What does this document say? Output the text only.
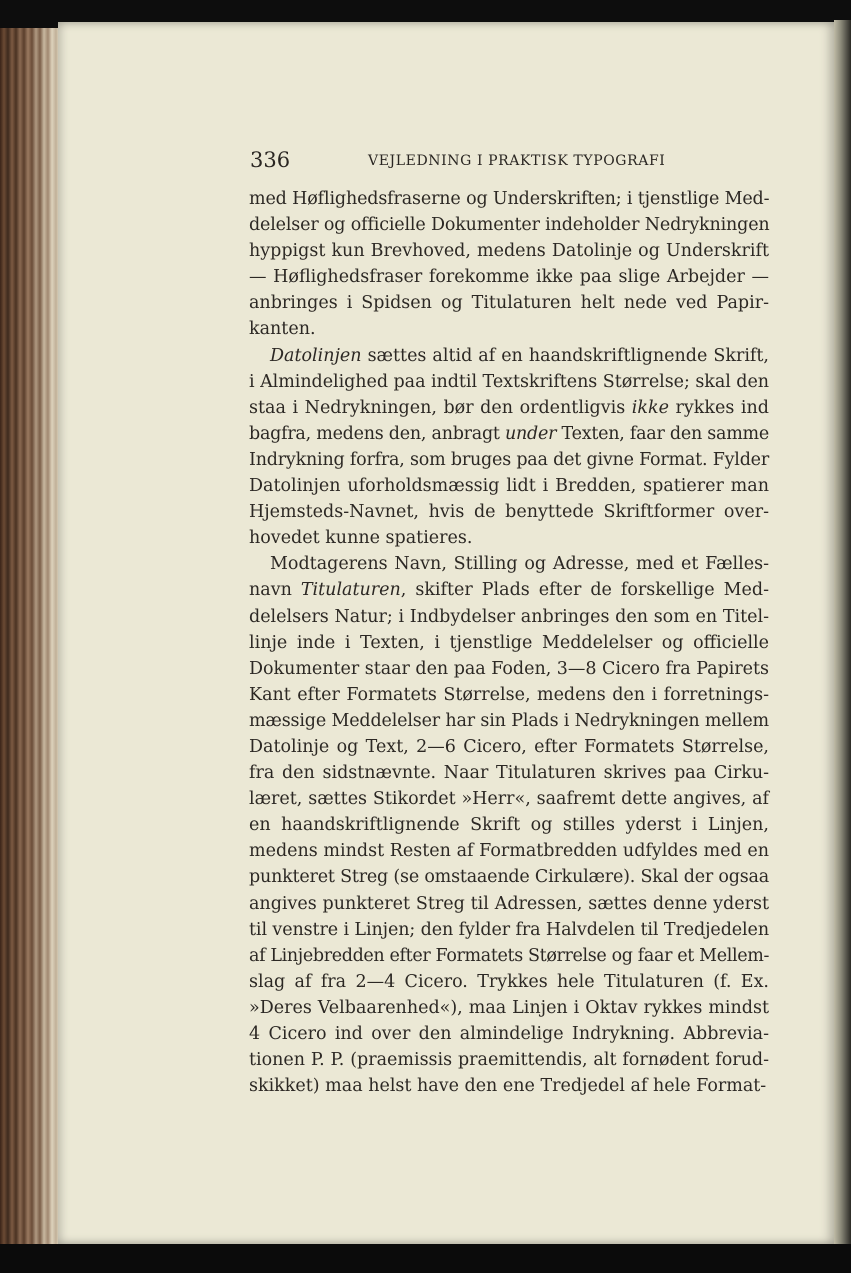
336	VEJLEDNING I PRAKTISK TYPOGRAFI
med Høflighedsfraserne og Underskriften; i tjenstlige Med-
delelser og officielle Dokumenter indeholder Nedrykningen
hyppigst kun Brevhoved, medens Datolinje og Underskrift
— Høflighedsfraser forekomme ikke paa slige Arbejder —
anbringes i Spidsen og Titulaturen helt nede ved Papir-
kanten.
Datolinjen sættes altid af en haandskriftlignende Skrift,
i Almindelighed paa indtil Textskriftens Størrelse; skal den
staa i Nedrykningen, bør den ordentligvis ikke rykkes ind
bagfra, medens den, anbragt under Texten, faar den samme
Indrykning forfra, som bruges paa det givne Format. Fylder
Datolinjen uforholdsmæssig lidt i Bredden, spatierer man
Hjemsteds-Navnet, hvis de benyttede Skriftformer over-
hovedet kunne spatieres.
Modtagerens Navn, Stilling og Adresse, med et Fælles-
navn Titulaturen, skifter Plads efter de forskellige Med-
delelsers Natur; i Indbydelser anbringes den som en Titel-
linje inde i Texten, i tjenstlige Meddelelser og officielle
Dokumenter staar den paa Foden, 3—8 Cicero fra Papirets
Kant efter Formatets Størrelse, medens den i forretnings-
mæssige Meddelelser har sin Plads i Nedrykningen mellem
Datolinje og Text, 2—6 Cicero, efter Formatets Størrelse,
fra den sidstnævnte. Naar Titulaturen skrives paa Cirku-
læret, sættes Stikordet »Herr«, saafremt dette angives, af
en haandskriftlignende Skrift og stilles yderst i Linjen,
medens mindst Resten af Formatbredden udfyldes med en
punkteret Streg (se omstaaende Cirkulære). Skal der ogsaa
angives punkteret Streg til Adressen, sættes denne yderst
til venstre i Linjen; den fylder fra Halvdelen til Tredjedelen
af Linjebredden efter Formatets Størrelse og faar et Mellem-
slag af fra 2—4 Cicero. Trykkes hele Titulaturen (f. Ex.
»Deres Velbaarenhed«), maa Linjen i Oktav rykkes mindst
4 Cicero ind over den almindelige Indrykning. Abbrevia-
tionen P. P. (praemissis praemittendis, alt fornødent forud-
skikket) maa helst have den ene Tredjedel af hele Format-
